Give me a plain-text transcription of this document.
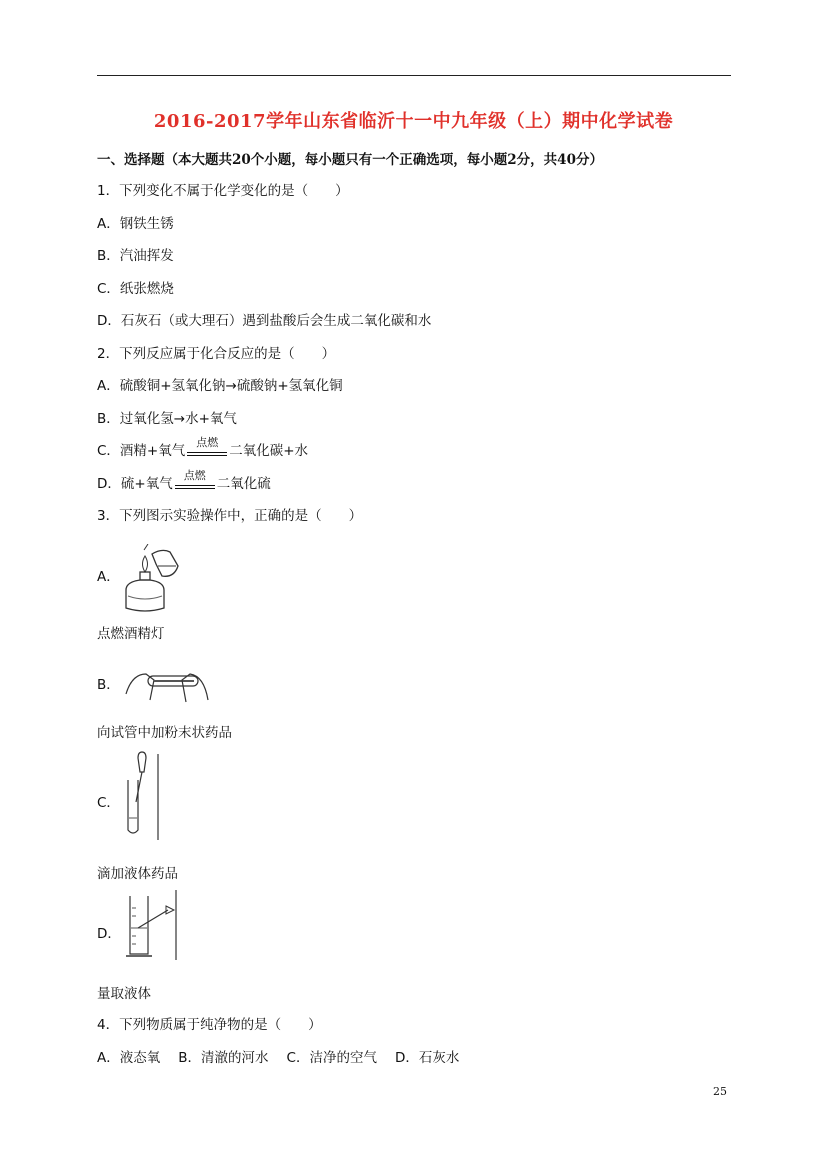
2016-2017学年山东省临沂十一中九年级（上）期中化学试卷
一、选择题（本大题共20个小题，每小题只有一个正确选项，每小题2分，共40分）
1．下列变化不属于化学变化的是（　　）
A．钢铁生锈
B．汽油挥发
C．纸张燃烧
D．石灰石（或大理石）遇到盐酸后会生成二氧化碳和水
2．下列反应属于化合反应的是（　　）
A．硫酸铜+氢氧化钠→硫酸钠+氢氧化铜
B．过氧化氢→水+氧气
C．酒精+氧气
点燃
二氧化碳+水
D．硫+氧气
点燃
二氧化硫
3．下列图示实验操作中，正确的是（　　）
A．
点燃酒精灯
B．
向试管中加粉末状药品
C．
滴加液体药品
D．
量取液体
4．下列物质属于纯净物的是（　　）
A．液态氧 B．清澈的河水 C．洁净的空气 D．石灰水
25
